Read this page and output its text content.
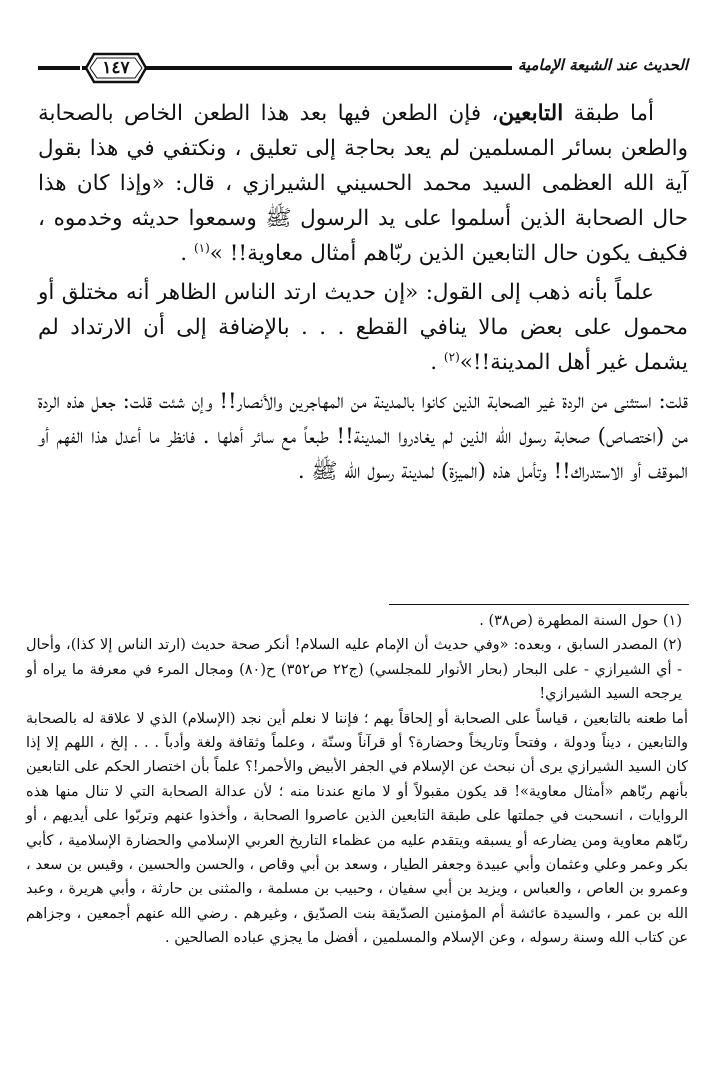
١٤٧	الحديث عند الشيعة الإمامية

أما طبقة التابعين، فإن الطعن فيها بعد هذا الطعن الخاص بالصحابة والطعن بسائر المسلمين لم يعد بحاجة إلى تعليق ، ونكتفي في هذا بقول آية الله العظمى السيد محمد الحسيني الشيرازي ، قال: «وإذا كان هذا حال الصحابة الذين أسلموا على يد الرسول ﷺ وسمعوا حديثه وخدموه ، فكيف يكون حال التابعين الذين ربّاهم أمثال معاوية!! »$^{(١)}$ .

علماً بأنه ذهب إلى القول: «إن حديث ارتد الناس الظاهر أنه مختلق أو محمول على بعض مالا ينافي القطع . . . بالإضافة إلى أن الارتداد لم يشمل غير أهل المدينة!!»$^{(٢)}$ .

قلت: استثنى من الردة غير الصحابة الذين كانوا بالمدينة من المهاجرين والأنصار!! وإن شئت قلت: جعل هذه الردة من (اختصاص) صحابة رسول الله الذين لم يغادروا المدينة!! طبعاً مع سائر أهلها . فانظر ما أعدل هذا الفهم أو الموقف أو الاستدراك!! وتأمل هذه (الميزة) لمدينة رسول الله ﷺ .

(١) حول السنة المطهرة (ص٣٨) .

(٢) المصدر السابق ، وبعده: «وفي حديث أن الإمام عليه السلام! أنكر صحة حديث (ارتد الناس إلا كذا)، وأحال - أي الشيرازي - على البحار (بحار الأنوار للمجلسي) (ج٢٢ ص٣٥٢) ح(٨٠) ومجال المرء في معرفة ما يراه أو يرجحه السيد الشيرازي!

أما طعنه بالتابعين ، قياساً على الصحابة أو إلحاقاً بهم ؛ فإننا لا نعلم أين نجد (الإسلام) الذي لا علاقة له بالصحابة والتابعين ، ديناً ودولة ، وفتحاً وتاريخاً وحضارة؟ أو قرآناً وسنّة ، وعلماً وثقافة ولغة وأدباً . . . إلخ ، اللهم إلا إذا كان السيد الشيرازي يرى أن نبحث عن الإسلام في الجفر الأبيض والأحمر!؟ علماً بأن اختصار الحكم على التابعين بأنهم ربّاهم «أمثال معاوية»! قد يكون مقبولاً أو لا مانع عندنا منه ؛ لأن عدالة الصحابة التي لا تنال منها هذه الروايات ، انسحبت في جملتها على طبقة التابعين الذين عاصروا الصحابة ، وأخذوا عنهم وتربّوا على أيديهم ، أو ربّاهم معاوية ومن يضارعه أو يسبقه ويتقدم عليه من عظماء التاريخ العربي الإسلامي والحضارة الإسلامية ، كأبي بكر وعمر وعلي وعثمان وأبي عبيدة وجعفر الطيار ، وسعد بن أبي وقاص ، والحسن والحسين ، وقيس بن سعد ، وعمرو بن العاص ، والعباس ، ويزيد بن أبي سفيان ، وحبيب بن مسلمة ، والمثنى بن حارثة ، وأبي هريرة ، وعبد الله بن عمر ، والسيدة عائشة أم المؤمنين الصدّيقة بنت الصدّيق ، وغيرهم . رضي الله عنهم أجمعين ، وجزاهم عن كتاب الله وسنة رسوله ، وعن الإسلام والمسلمين ، أفضل ما يجزي عباده الصالحين .
